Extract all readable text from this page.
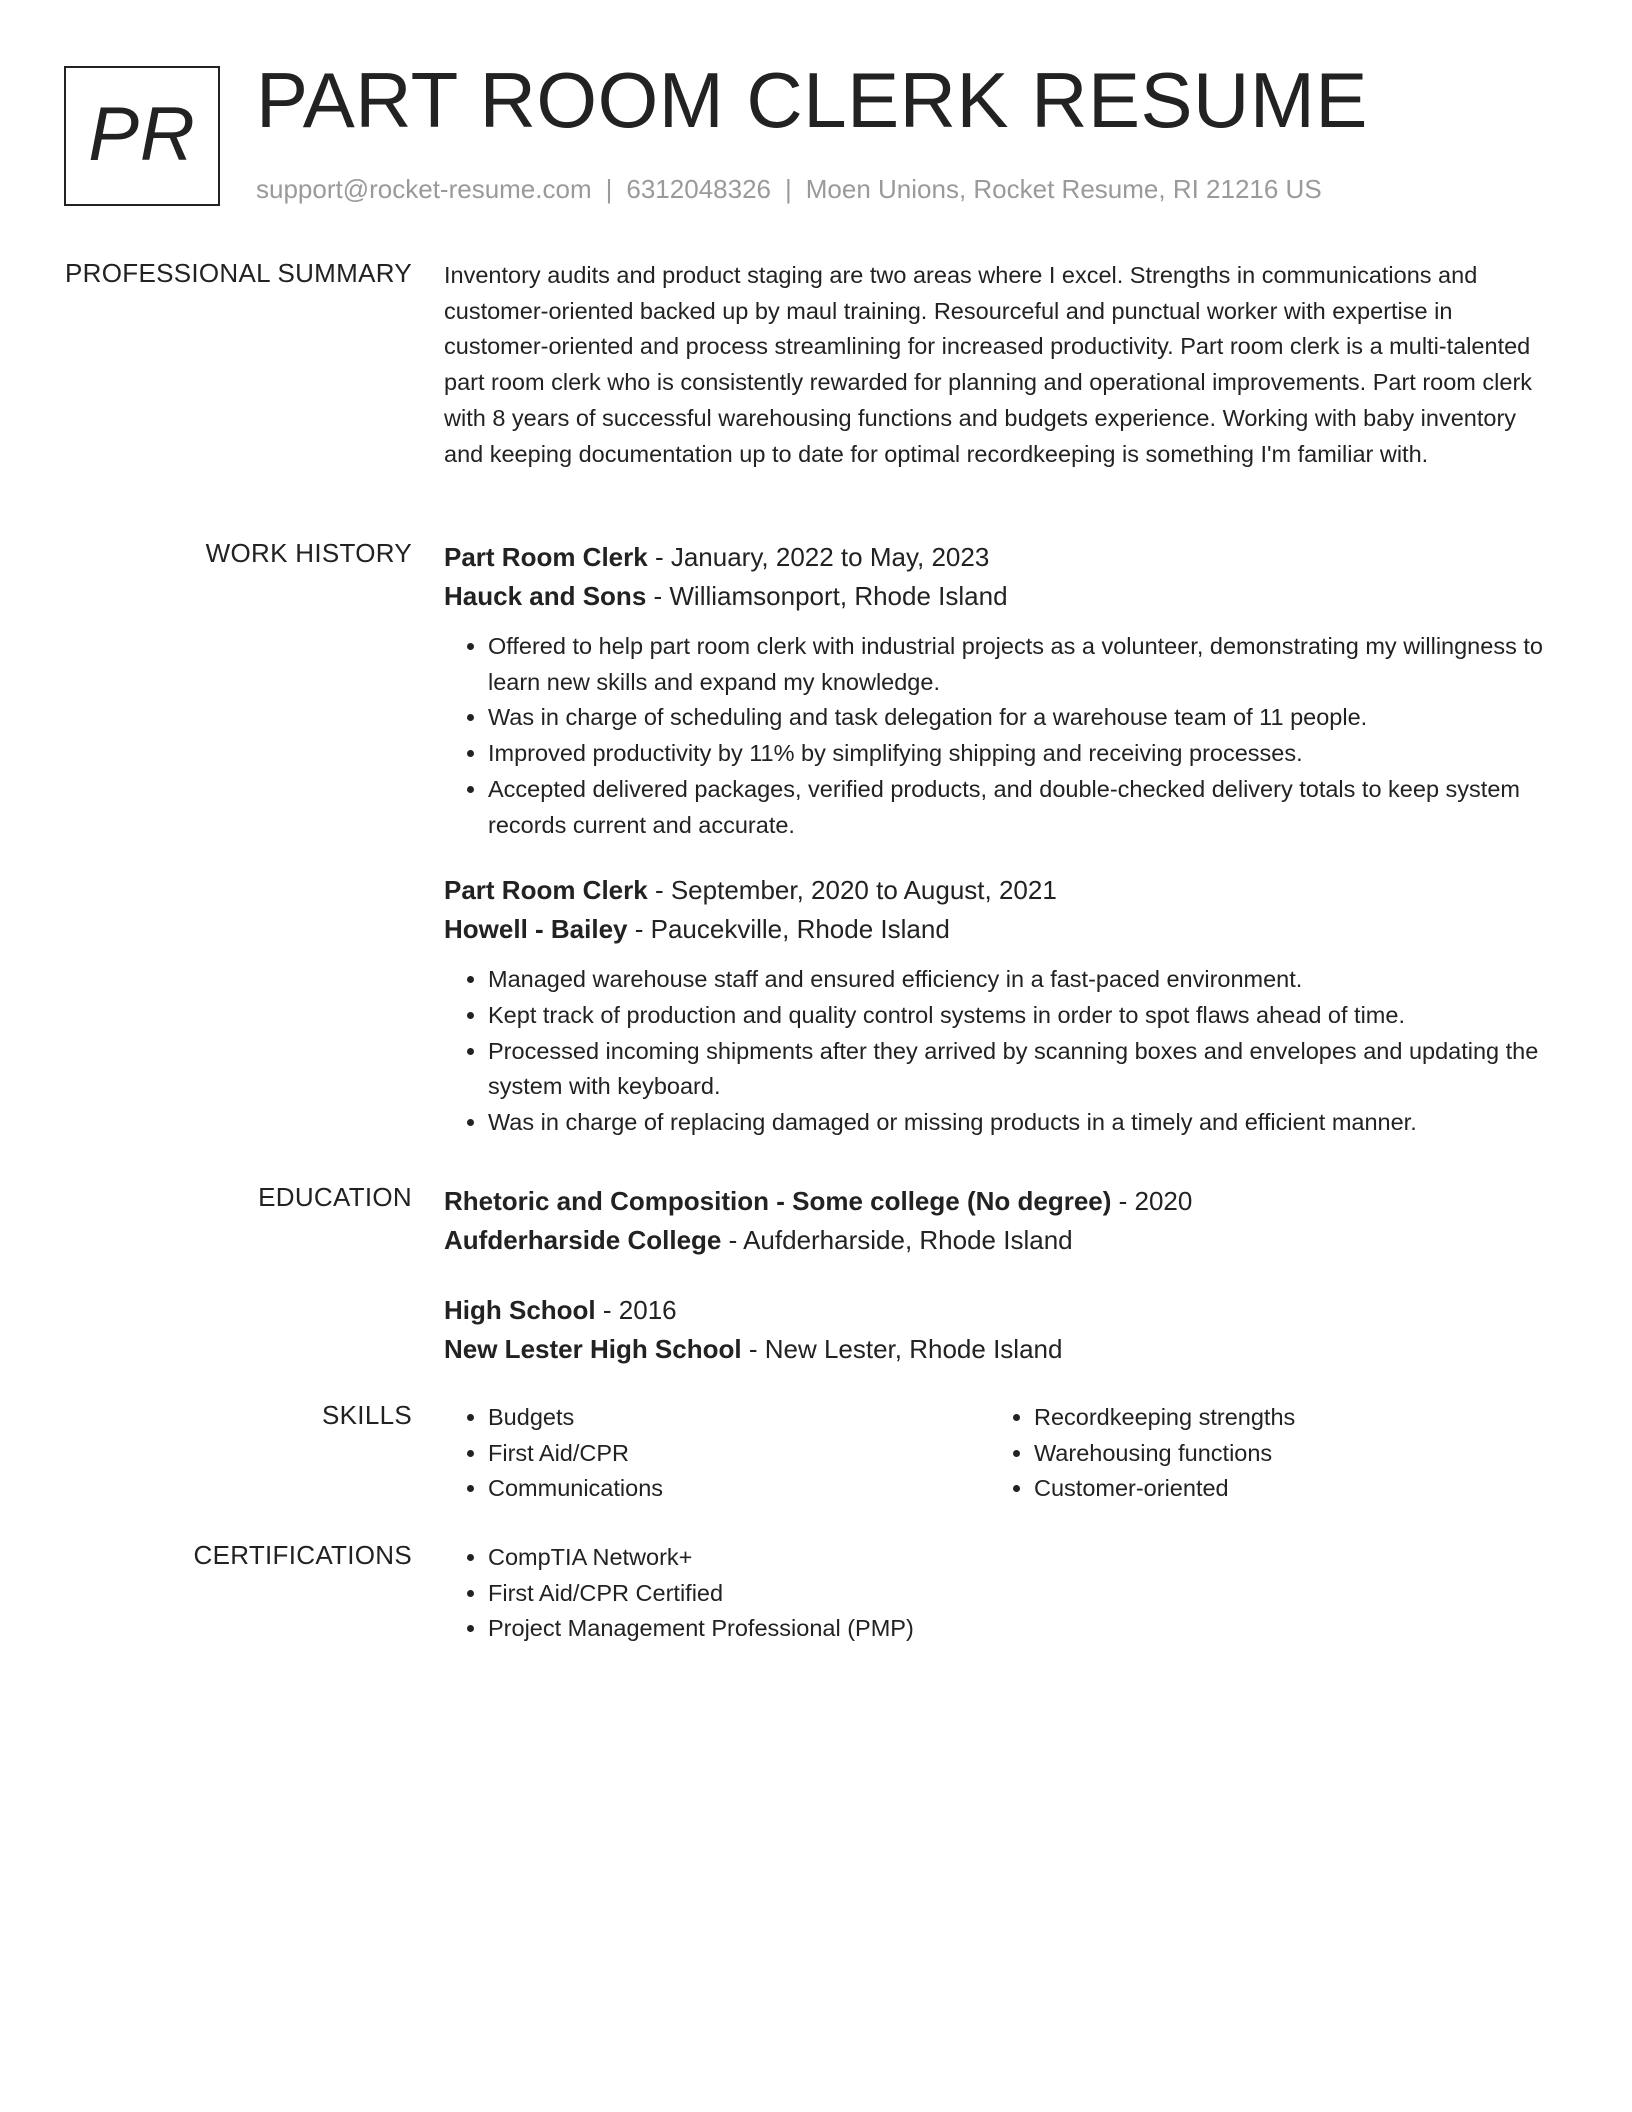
PR PART ROOM CLERK RESUME
support@rocket-resume.com | 6312048326 | Moen Unions, Rocket Resume, RI 21216 US
PROFESSIONAL SUMMARY Inventory audits and product staging are two areas where I excel. Strengths in communications and customer-oriented backed up by maul training. Resourceful and punctual worker with expertise in customer-oriented and process streamlining for increased productivity. Part room clerk is a multi-talented part room clerk who is consistently rewarded for planning and operational improvements. Part room clerk with 8 years of successful warehousing functions and budgets experience. Working with baby inventory and keeping documentation up to date for optimal recordkeeping is something I'm familiar with.

WORK HISTORY Part Room Clerk - January, 2022 to May, 2023

Hauck and Sons - Williamsonport, Rhode Island

• Offered to help part room clerk with industrial projects as a volunteer, demonstrating my willingness to learn new skills and expand my knowledge.
• Was in charge of scheduling and task delegation for a warehouse team of 11 people.
• Improved productivity by 11% by simplifying shipping and receiving processes.
• Accepted delivered packages, verified products, and double-checked delivery totals to keep system records current and accurate.

Part Room Clerk - September, 2020 to August, 2021

Howell - Bailey - Paucekville, Rhode Island

• Managed warehouse staff and ensured efficiency in a fast-paced environment.
• Kept track of production and quality control systems in order to spot flaws ahead of time.
• Processed incoming shipments after they arrived by scanning boxes and envelopes and updating the system with keyboard.
• Was in charge of replacing damaged or missing products in a timely and efficient manner.
EDUCATION Rhetoric and Composition - Some college (No degree) - 2020

Aufderharside College - Aufderharside, Rhode Island

High School - 2016

New Lester High School - New Lester, Rhode Island

SKILLS	• Budgets
• First Aid/CPR
• Communications
• Recordkeeping strengths
• Warehousing functions
• Customer-oriented
CERTIFICATIONS	• CompTIA Network+
• First Aid/CPR Certified
• Project Management Professional (PMP)
